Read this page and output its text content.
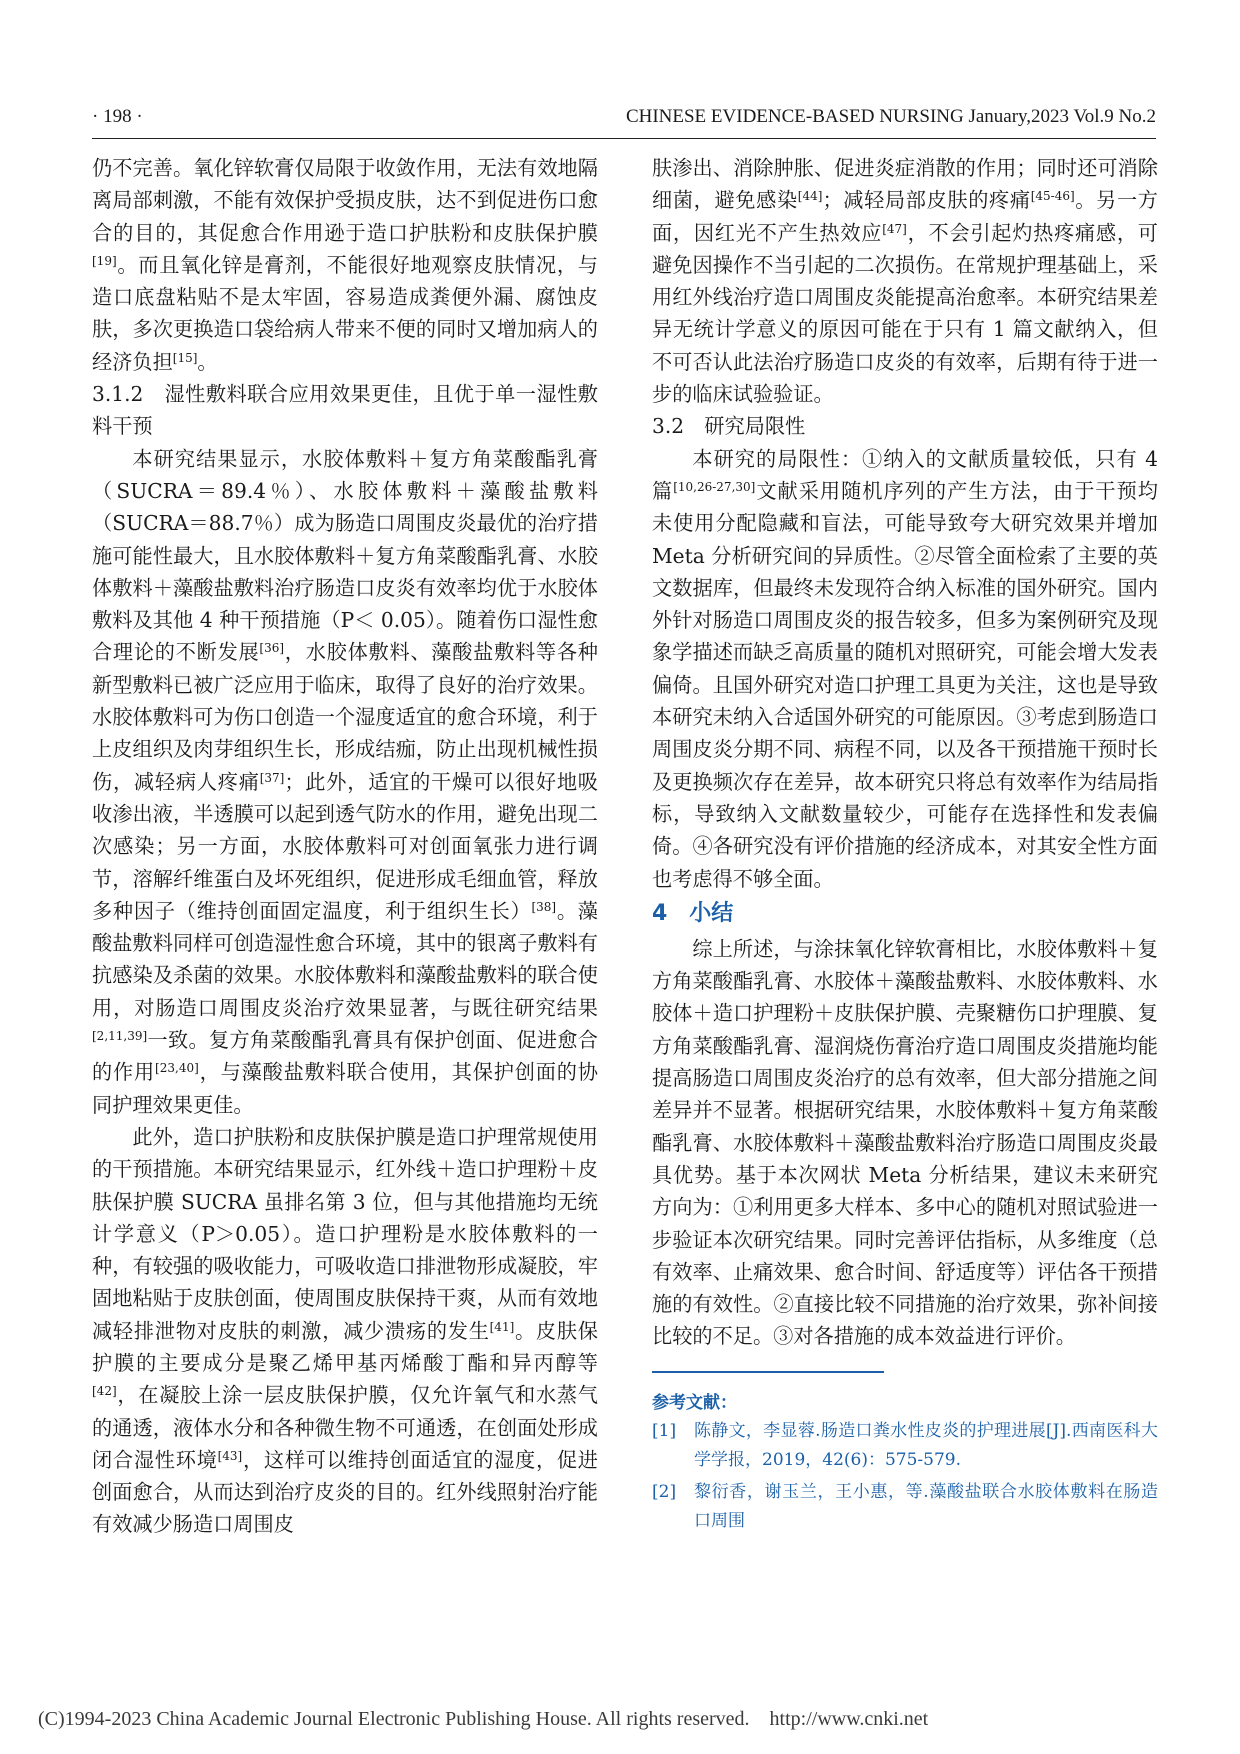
· 198 ·	CHINESE EVIDENCE-BASED NURSING January,2023 Vol.9 No.2

仍不完善。氧化锌软膏仅局限于收敛作用，无法有效地隔离局部刺激，不能有效保护受损皮肤，达不到促进伤口愈合的目的，其促愈合作用逊于造口护肤粉和皮肤保护膜[19]。而且氧化锌是膏剂，不能很好地观察皮肤情况，与造口底盘粘贴不是太牢固，容易造成粪便外漏、腐蚀皮肤，多次更换造口袋给病人带来不便的同时又增加病人的经济负担[15]。

3.1.2　湿性敷料联合应用效果更佳，且优于单一湿性敷料干预

本研究结果显示，水胶体敷料＋复方角菜酸酯乳膏（SUCRA＝89.4％）、水胶体敷料＋藻酸盐敷料（SUCRA＝88.7％）成为肠造口周围皮炎最优的治疗措施可能性最大，且水胶体敷料＋复方角菜酸酯乳膏、水胶体敷料＋藻酸盐敷料治疗肠造口皮炎有效率均优于水胶体敷料及其他 4 种干预措施（P＜ 0.05）。随着伤口湿性愈合理论的不断发展[36]，水胶体敷料、藻酸盐敷料等各种新型敷料已被广泛应用于临床，取得了良好的治疗效果。水胶体敷料可为伤口创造一个湿度适宜的愈合环境，利于上皮组织及肉芽组织生长，形成结痂，防止出现机械性损伤，减轻病人疼痛[37]；此外，适宜的干燥可以很好地吸收渗出液，半透膜可以起到透气防水的作用，避免出现二次感染；另一方面，水胶体敷料可对创面氧张力进行调节，溶解纤维蛋白及坏死组织，促进形成毛细血管，释放多种因子（维持创面固定温度，利于组织生长）[38]。藻酸盐敷料同样可创造湿性愈合环境，其中的银离子敷料有抗感染及杀菌的效果。水胶体敷料和藻酸盐敷料的联合使用，对肠造口周围皮炎治疗效果显著，与既往研究结果[2,11,39]一致。复方角菜酸酯乳膏具有保护创面、促进愈合的作用[23,40]，与藻酸盐敷料联合使用，其保护创面的协同护理效果更佳。

此外，造口护肤粉和皮肤保护膜是造口护理常规使用的干预措施。本研究结果显示，红外线＋造口护理粉＋皮肤保护膜 SUCRA 虽排名第 3 位，但与其他措施均无统计学意义（P＞0.05）。造口护理粉是水胶体敷料的一种，有较强的吸收能力，可吸收造口排泄物形成凝胶，牢固地粘贴于皮肤创面，使周围皮肤保持干爽，从而有效地减轻排泄物对皮肤的刺激，减少溃疡的发生[41]。皮肤保护膜的主要成分是聚乙烯甲基丙烯酸丁酯和异丙醇等[42]，在凝胶上涂一层皮肤保护膜，仅允许氧气和水蒸气的通透，液体水分和各种微生物不可通透，在创面处形成闭合湿性环境[43]，这样可以维持创面适宜的湿度，促进创面愈合，从而达到治疗皮炎的目的。红外线照射治疗能有效减少肠造口周围皮

肤渗出、消除肿胀、促进炎症消散的作用；同时还可消除细菌，避免感染[44]；减轻局部皮肤的疼痛[45-46]。另一方面，因红光不产生热效应[47]，不会引起灼热疼痛感，可避免因操作不当引起的二次损伤。在常规护理基础上，采用红外线治疗造口周围皮炎能提高治愈率。本研究结果差异无统计学意义的原因可能在于只有 1 篇文献纳入，但不可否认此法治疗肠造口皮炎的有效率，后期有待于进一步的临床试验验证。

3.2　研究局限性

本研究的局限性：①纳入的文献质量较低，只有 4 篇[10,26-27,30]文献采用随机序列的产生方法，由于干预均未使用分配隐藏和盲法，可能导致夸大研究效果并增加 Meta 分析研究间的异质性。②尽管全面检索了主要的英文数据库，但最终未发现符合纳入标准的国外研究。国内外针对肠造口周围皮炎的报告较多，但多为案例研究及现象学描述而缺乏高质量的随机对照研究，可能会增大发表偏倚。且国外研究对造口护理工具更为关注，这也是导致本研究未纳入合适国外研究的可能原因。③考虑到肠造口周围皮炎分期不同、病程不同，以及各干预措施干预时长及更换频次存在差异，故本研究只将总有效率作为结局指标，导致纳入文献数量较少，可能存在选择性和发表偏倚。④各研究没有评价措施的经济成本，对其安全性方面也考虑得不够全面。

4　小结

综上所述，与涂抹氧化锌软膏相比，水胶体敷料＋复方角菜酸酯乳膏、水胶体＋藻酸盐敷料、水胶体敷料、水胶体＋造口护理粉＋皮肤保护膜、壳聚糖伤口护理膜、复方角菜酸酯乳膏、湿润烧伤膏治疗造口周围皮炎措施均能提高肠造口周围皮炎治疗的总有效率，但大部分措施之间差异并不显著。根据研究结果，水胶体敷料＋复方角菜酸酯乳膏、水胶体敷料＋藻酸盐敷料治疗肠造口周围皮炎最具优势。基于本次网状 Meta 分析结果，建议未来研究方向为：①利用更多大样本、多中心的随机对照试验进一步验证本次研究结果。同时完善评估指标，从多维度（总有效率、止痛效果、愈合时间、舒适度等）评估各干预措施的有效性。②直接比较不同措施的治疗效果，弥补间接比较的不足。③对各措施的成本效益进行评价。

参考文献：

[1]	陈静文，李显蓉.肠造口粪水性皮炎的护理进展[J].西南医科大学学报，2019，42(6)：575-579.
[2]	黎衍香，谢玉兰，王小惠，等.藻酸盐联合水胶体敷料在肠造口周围
(C)1994-2023 China Academic Journal Electronic Publishing House. All rights reserved.    http://www.cnki.net
